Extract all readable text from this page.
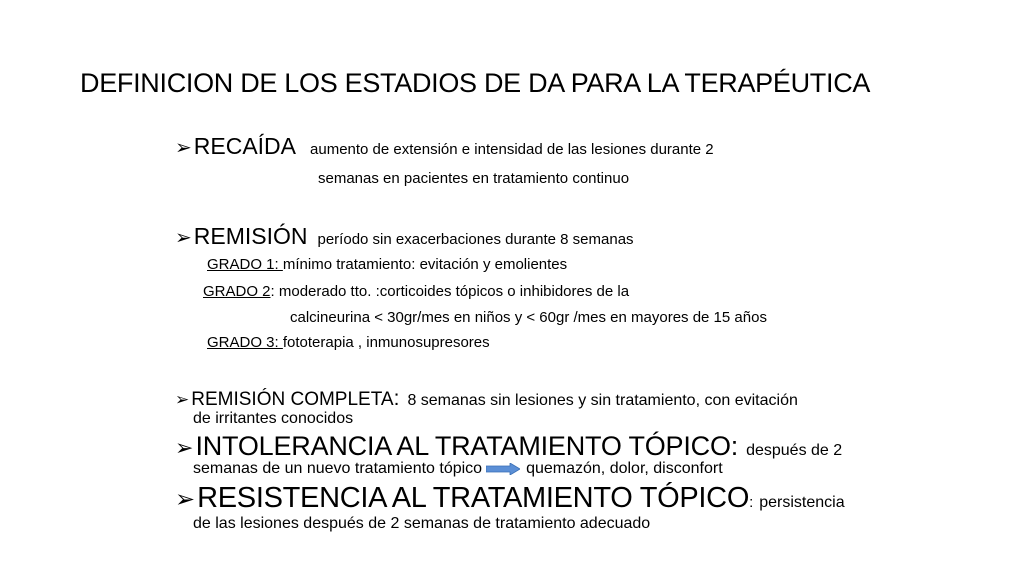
DEFINICION DE LOS ESTADIOS DE DA PARA LA TERAPÉUTICA
➢RECAÍDA aumento de extensión e intensidad de las lesiones durante 2
semanas en pacientes en tratamiento continuo
➢REMISIÓN período sin exacerbaciones durante 8 semanas
GRADO 1: mínimo tratamiento: evitación y emolientes
GRADO 2: moderado tto. :corticoides tópicos o inhibidores de la
calcineurina < 30gr/mes en niños y < 60gr /mes en mayores de 15 años
GRADO 3: fototerapia , inmunosupresores
➢ REMISIÓN COMPLETA: 8 semanas sin lesiones y sin tratamiento, con evitación
de irritantes conocidos
➢INTOLERANCIA AL TRATAMIENTO TÓPICO: después de 2
semanas de un nuevo tratamiento tópico	quemazón, dolor, disconfort
➢RESISTENCIA AL TRATAMIENTO TÓPICO: persistencia
de las lesiones después de 2 semanas de tratamiento adecuado
